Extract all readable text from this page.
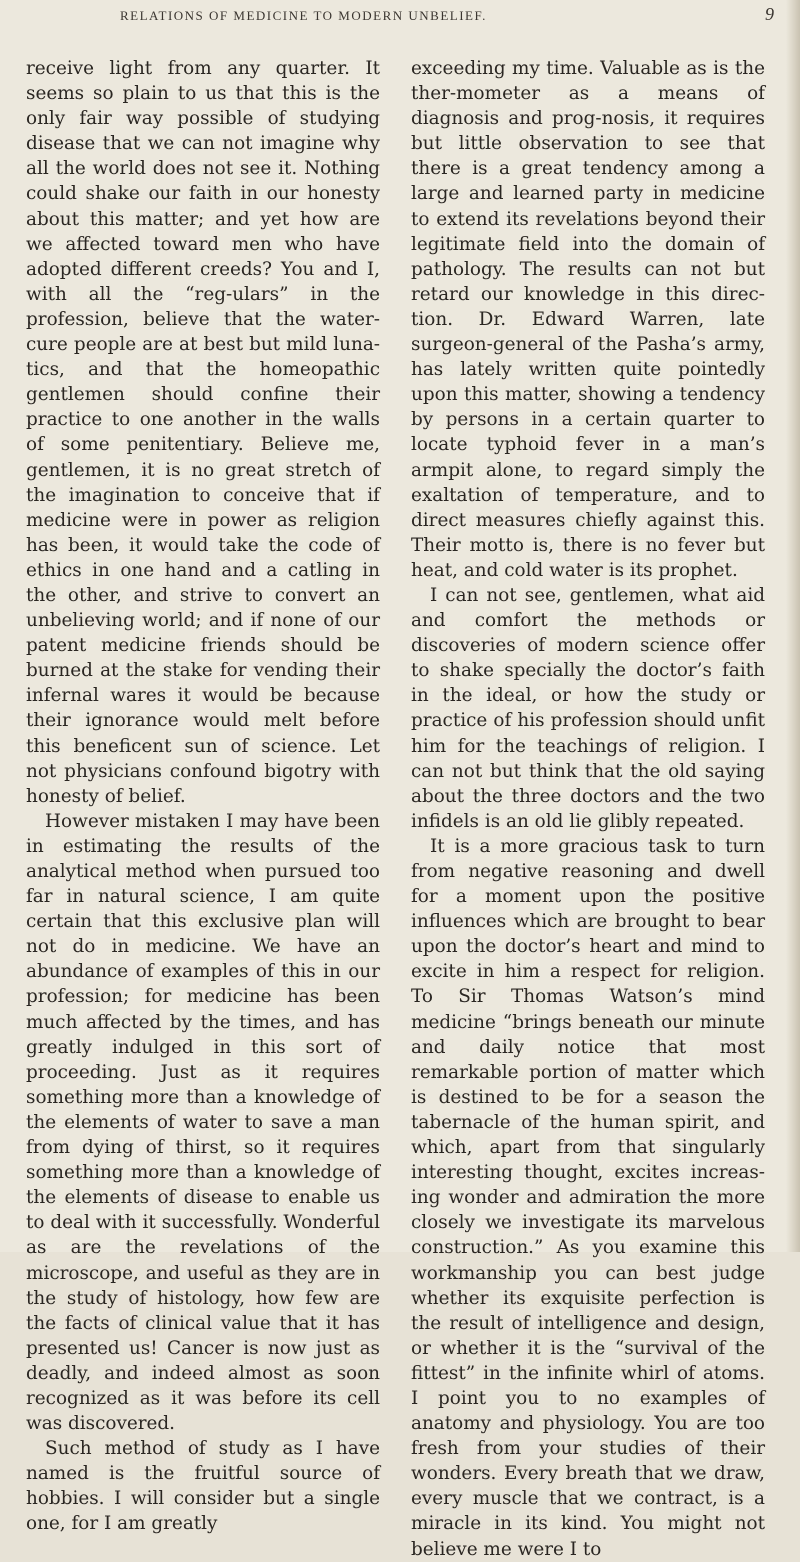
RELATIONS OF MEDICINE TO MODERN UNBELIEF.	9

receive light from any quarter. It seems so plain to us that this is the only fair way possible of studying disease that we can not imagine why all the world does not see it. Nothing could shake our faith in our honesty about this matter; and yet how are we affected toward men who have adopted different creeds? You and I, with all the “reg-ulars” in the profession, believe that the water-cure people are at best but mild luna-tics, and that the homeopathic gentlemen should confine their practice to one another in the walls of some penitentiary. Believe me, gentlemen, it is no great stretch of the imagination to conceive that if medicine were in power as religion has been, it would take the code of ethics in one hand and a catling in the other, and strive to convert an unbelieving world; and if none of our patent medicine friends should be burned at the stake for vending their infernal wares it would be because their ignorance would melt before this beneficent sun of science. Let not physicians confound bigotry with honesty of belief.

However mistaken I may have been in estimating the results of the analytical method when pursued too far in natural science, I am quite certain that this exclusive plan will not do in medicine. We have an abundance of examples of this in our profession; for medicine has been much affected by the times, and has greatly indulged in this sort of proceeding. Just as it requires something more than a knowledge of the elements of water to save a man from dying of thirst, so it requires something more than a knowledge of the elements of disease to enable us to deal with it successfully. Wonderful as are the revelations of the microscope, and useful as they are in the study of histology, how few are the facts of clinical value that it has presented us! Cancer is now just as deadly, and indeed almost as soon recognized as it was before its cell was discovered.

Such method of study as I have named is the fruitful source of hobbies. I will consider but a single one, for I am greatly

exceeding my time. Valuable as is the ther-mometer as a means of diagnosis and prog-nosis, it requires but little observation to see that there is a great tendency among a large and learned party in medicine to extend its revelations beyond their legitimate field into the domain of pathology. The results can not but retard our knowledge in this direc-tion. Dr. Edward Warren, late surgeon-general of the Pasha’s army, has lately written quite pointedly upon this matter, showing a tendency by persons in a certain quarter to locate typhoid fever in a man’s armpit alone, to regard simply the exaltation of temperature, and to direct measures chiefly against this. Their motto is, there is no fever but heat, and cold water is its prophet.

I can not see, gentlemen, what aid and comfort the methods or discoveries of modern science offer to shake specially the doctor’s faith in the ideal, or how the study or practice of his profession should unfit him for the teachings of religion. I can not but think that the old saying about the three doctors and the two infidels is an old lie glibly repeated.

It is a more gracious task to turn from negative reasoning and dwell for a moment upon the positive influences which are brought to bear upon the doctor’s heart and mind to excite in him a respect for religion. To Sir Thomas Watson’s mind medicine “brings beneath our minute and daily notice that most remarkable portion of matter which is destined to be for a season the tabernacle of the human spirit, and which, apart from that singularly interesting thought, excites increas-ing wonder and admiration the more closely we investigate its marvelous construction.” As you examine this workmanship you can best judge whether its exquisite perfection is the result of intelligence and design, or whether it is the “survival of the fittest” in the infinite whirl of atoms. I point you to no examples of anatomy and physiology. You are too fresh from your studies of their wonders. Every breath that we draw, every muscle that we contract, is a miracle in its kind. You might not believe me were I to
